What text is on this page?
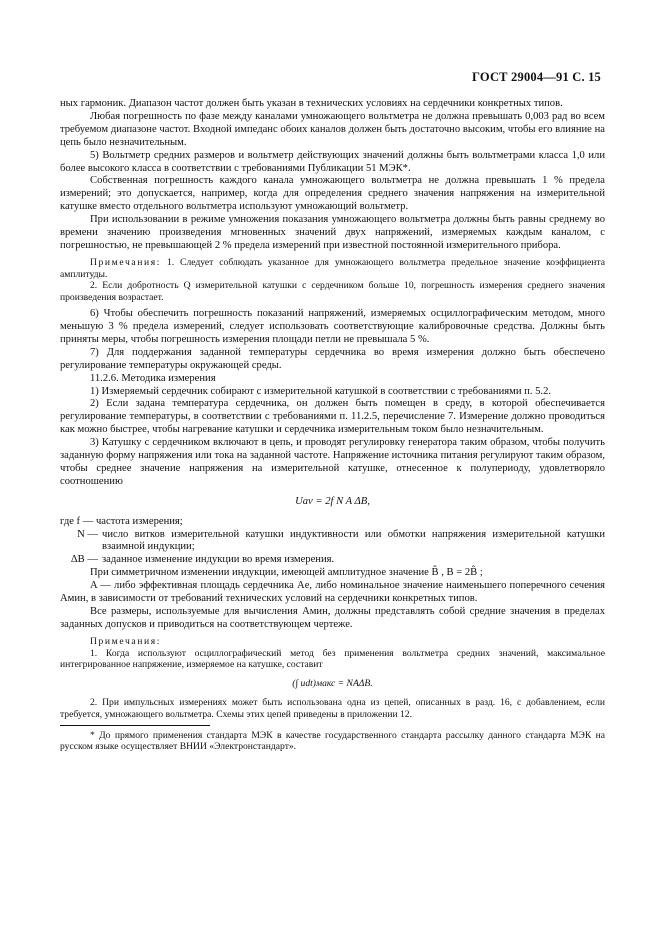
ГОСТ 29004—91 С. 15

ных гармоник. Диапазон частот должен быть указан в технических условиях на сердечники конкретных типов.

Любая погрешность по фазе между каналами умножающего вольтметра не должна превышать 0,003 рад во всем требуемом диапазоне частот. Входной импеданс обоих каналов должен быть достаточно высоким, чтобы его влияние на цепь было незначительным.

5) Вольтметр средних размеров и вольтметр действующих значений должны быть вольтметрами класса 1,0 или более высокого класса в соответствии с требованиями Публикации 51 МЭК*.

Собственная погрешность каждого канала умножающего вольтметра не должна превышать 1 % предела измерений; это допускается, например, когда для определения среднего значения напряжения на измерительной катушке вместо отдельного вольтметра используют умножающий вольтметр.

При использовании в режиме умножения показания умножающего вольтметра должны быть равны среднему во времени значению произведения мгновенных значений двух напряжений, измеряемых каждым каналом, с погрешностью, не превышающей 2 % предела измерений при известной постоянной измерительного прибора.

Примечания: 1. Следует соблюдать указанное для умножающего вольтметра предельное значение коэффициента амплитуды.

2. Если добротность Q измерительной катушки с сердечником больше 10, погрешность измерения среднего значения произведения возрастает.

6) Чтобы обеспечить погрешность показаний напряжений, измеряемых осциллографическим методом, много меньшую 3 % предела измерений, следует использовать соответствующие калибровочные средства. Должны быть приняты меры, чтобы погрешность измерения площади петли не превышала 5 %.

7) Для поддержания заданной температуры сердечника во время измерения должно быть обеспечено регулирование температуры окружающей среды.

11.2.6. Методика измерения

1) Измеряемый сердечник собирают с измерительной катушкой в соответствии с требованиями п. 5.2.

2) Если задана температура сердечника, он должен быть помещен в среду, в которой обеспечивается регулирование температуры, в соответствии с требованиями п. 11.2.5, перечисление 7. Измерение должно проводиться как можно быстрее, чтобы нагревание катушки и сердечника измерительным током было незначительным.

3) Катушку с сердечником включают в цепь, и проводят регулировку генератора таким образом, чтобы получить заданную форму напряжения или тока на заданной частоте. Напряжение источника питания регулируют таким образом, чтобы среднее значение напряжения на измерительной катушке, отнесенное к полупериоду, удовлетворяло соотношению

Uav = 2f N A ΔB,

где f — частота измерения;

N — число витков измерительной катушки индуктивности или обмотки напряжения измерительной катушки взаимной индукции;
ΔB — заданное изменение индукции во время измерения.

При симметричном изменении индукции, имеющей амплитудное значение B̂ , B = 2B̂ ;

A — либо эффективная площадь сердечника Ae, либо номинальное значение наименьшего поперечного сечения Aмин, в зависимости от требований технических условий на сердечники конкретных типов.

Все размеры, используемые для вычисления Aмин, должны представлять собой средние значения в пределах заданных допусков и приводиться на соответствующем чертеже.

Примечания:

1. Когда используют осциллографический метод без применения вольтметра средних значений, максимальное интегрированное напряжение, измеряемое на катушке, составит

(∫ udt)макс = NAΔB.

2. При импульсных измерениях может быть использована одна из цепей, описанных в разд. 16, с добавлением, если требуется, умножающего вольтметра. Схемы этих цепей приведены в приложении 12.

* До прямого применения стандарта МЭК в качестве государственного стандарта рассылку данного стандарта МЭК на русском языке осуществляет ВНИИ «Электронстандарт».
